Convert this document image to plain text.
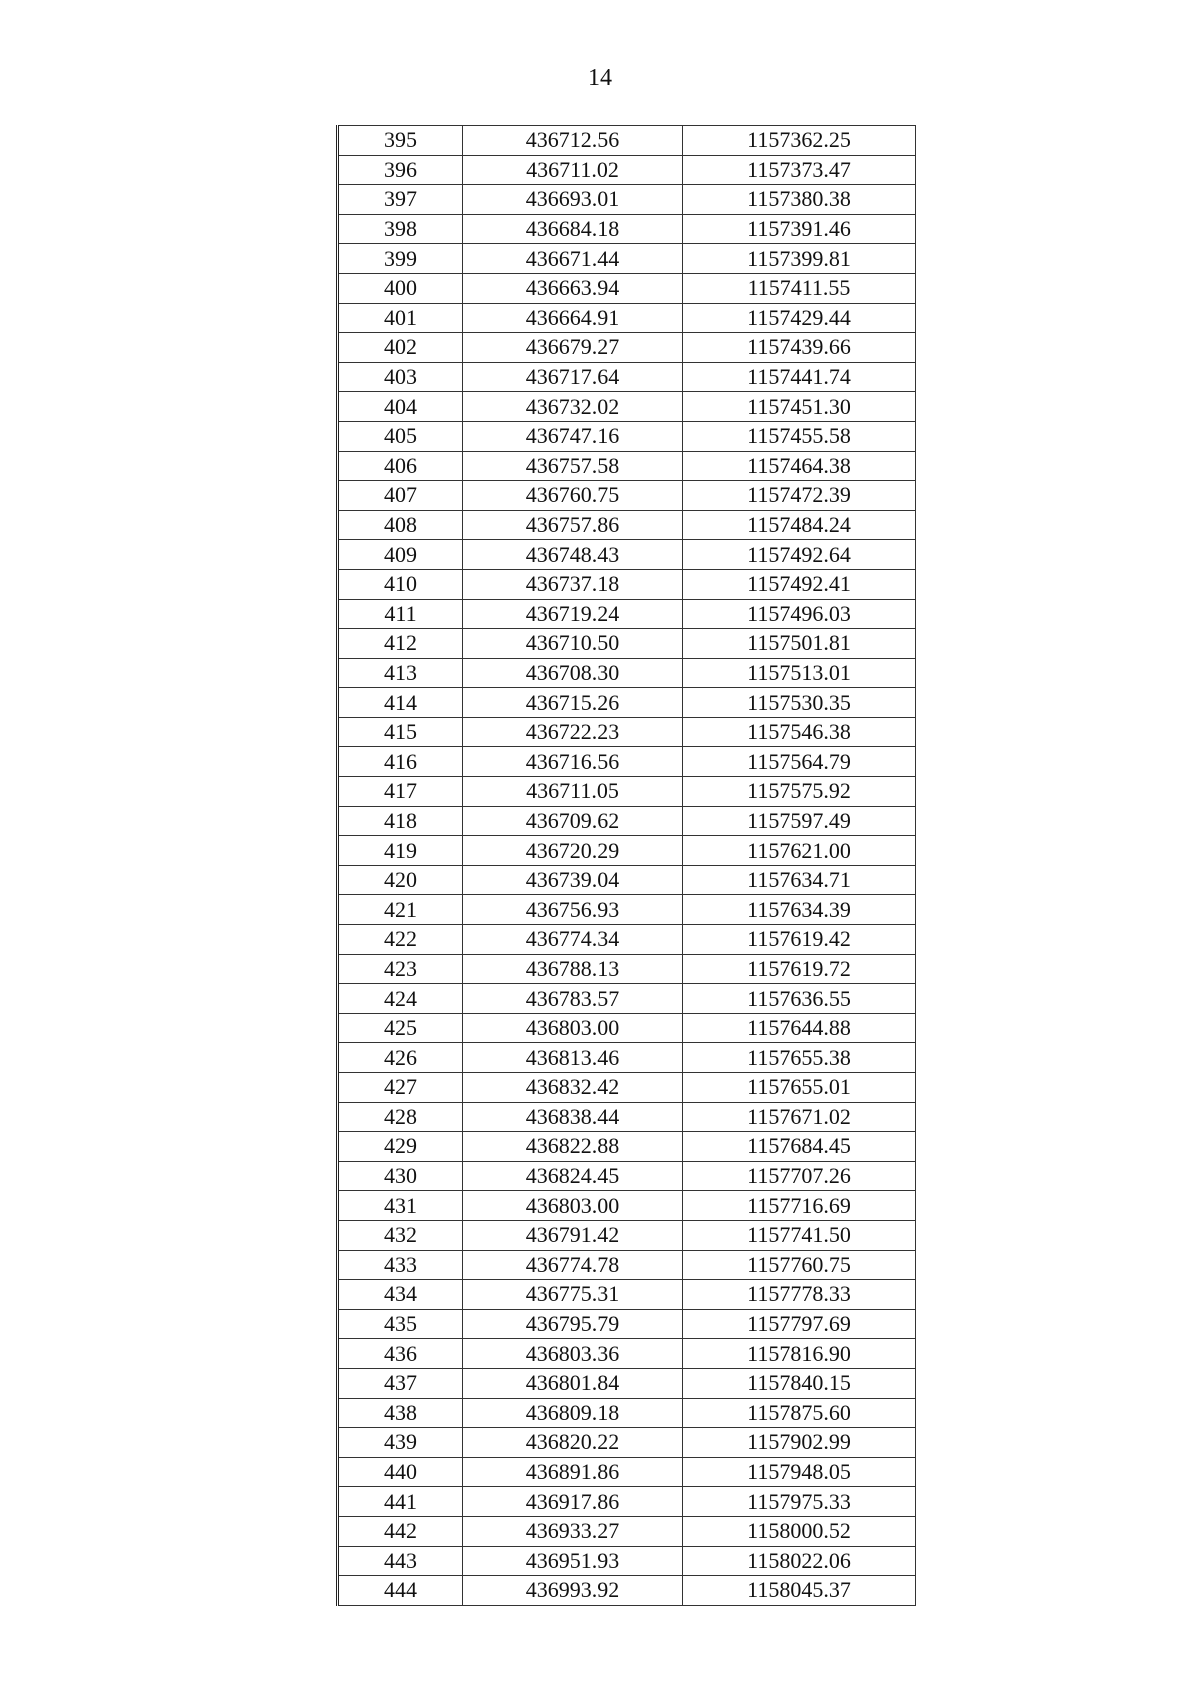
14
395	436712.56	1157362.25
396	436711.02	1157373.47
397	436693.01	1157380.38
398	436684.18	1157391.46
399	436671.44	1157399.81
400	436663.94	1157411.55
401	436664.91	1157429.44
402	436679.27	1157439.66
403	436717.64	1157441.74
404	436732.02	1157451.30
405	436747.16	1157455.58
406	436757.58	1157464.38
407	436760.75	1157472.39
408	436757.86	1157484.24
409	436748.43	1157492.64
410	436737.18	1157492.41
411	436719.24	1157496.03
412	436710.50	1157501.81
413	436708.30	1157513.01
414	436715.26	1157530.35
415	436722.23	1157546.38
416	436716.56	1157564.79
417	436711.05	1157575.92
418	436709.62	1157597.49
419	436720.29	1157621.00
420	436739.04	1157634.71
421	436756.93	1157634.39
422	436774.34	1157619.42
423	436788.13	1157619.72
424	436783.57	1157636.55
425	436803.00	1157644.88
426	436813.46	1157655.38
427	436832.42	1157655.01
428	436838.44	1157671.02
429	436822.88	1157684.45
430	436824.45	1157707.26
431	436803.00	1157716.69
432	436791.42	1157741.50
433	436774.78	1157760.75
434	436775.31	1157778.33
435	436795.79	1157797.69
436	436803.36	1157816.90
437	436801.84	1157840.15
438	436809.18	1157875.60
439	436820.22	1157902.99
440	436891.86	1157948.05
441	436917.86	1157975.33
442	436933.27	1158000.52
443	436951.93	1158022.06
444	436993.92	1158045.37
